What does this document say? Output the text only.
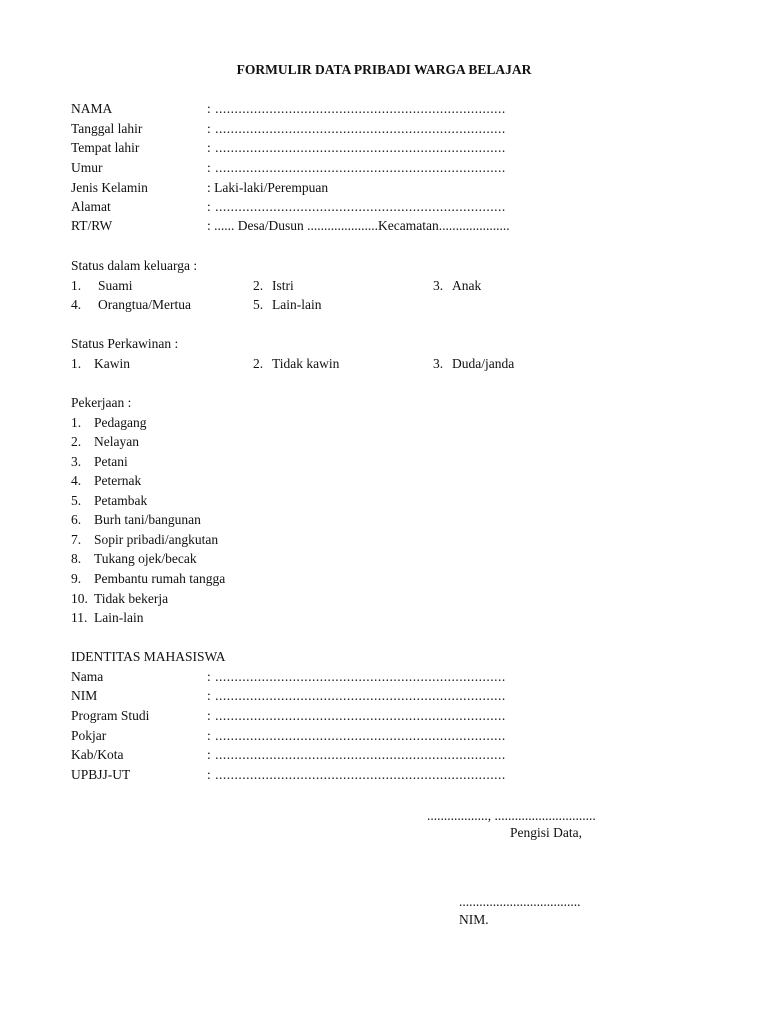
FORMULIR DATA PRIBADI WARGA BELAJAR
NAMA	: ...........................................................................
Tanggal lahir	: ...........................................................................
Tempat lahir	: ...........................................................................
Umur	: ...........................................................................
Jenis Kelamin	: Laki-laki/Perempuan
Alamat	: ...........................................................................
RT/RW	: ...... Desa/Dusun .....................Kecamatan.....................
Status dalam keluarga :
1. Suami	2. Istri	3. Anak
4. Orangtua/Mertua	5. Lain-lain
Status Perkawinan :
1. Kawin	2. Tidak kawin	3. Duda/janda
Pekerjaan :
1. Pedagang
2. Nelayan
3. Petani
4. Peternak
5. Petambak
6. Burh tani/bangunan
7. Sopir pribadi/angkutan
8. Tukang ojek/becak
9. Pembantu rumah tangga
10. Tidak bekerja
11. Lain-lain
IDENTITAS MAHASISWA
Nama	: ...........................................................................
NIM	: ...........................................................................
Program Studi	: ...........................................................................
Pokjar	: ...........................................................................
Kab/Kota	: ...........................................................................
UPBJJ-UT	: ...........................................................................
.................., ..............................
Pengisi Data,
....................................
NIM.
